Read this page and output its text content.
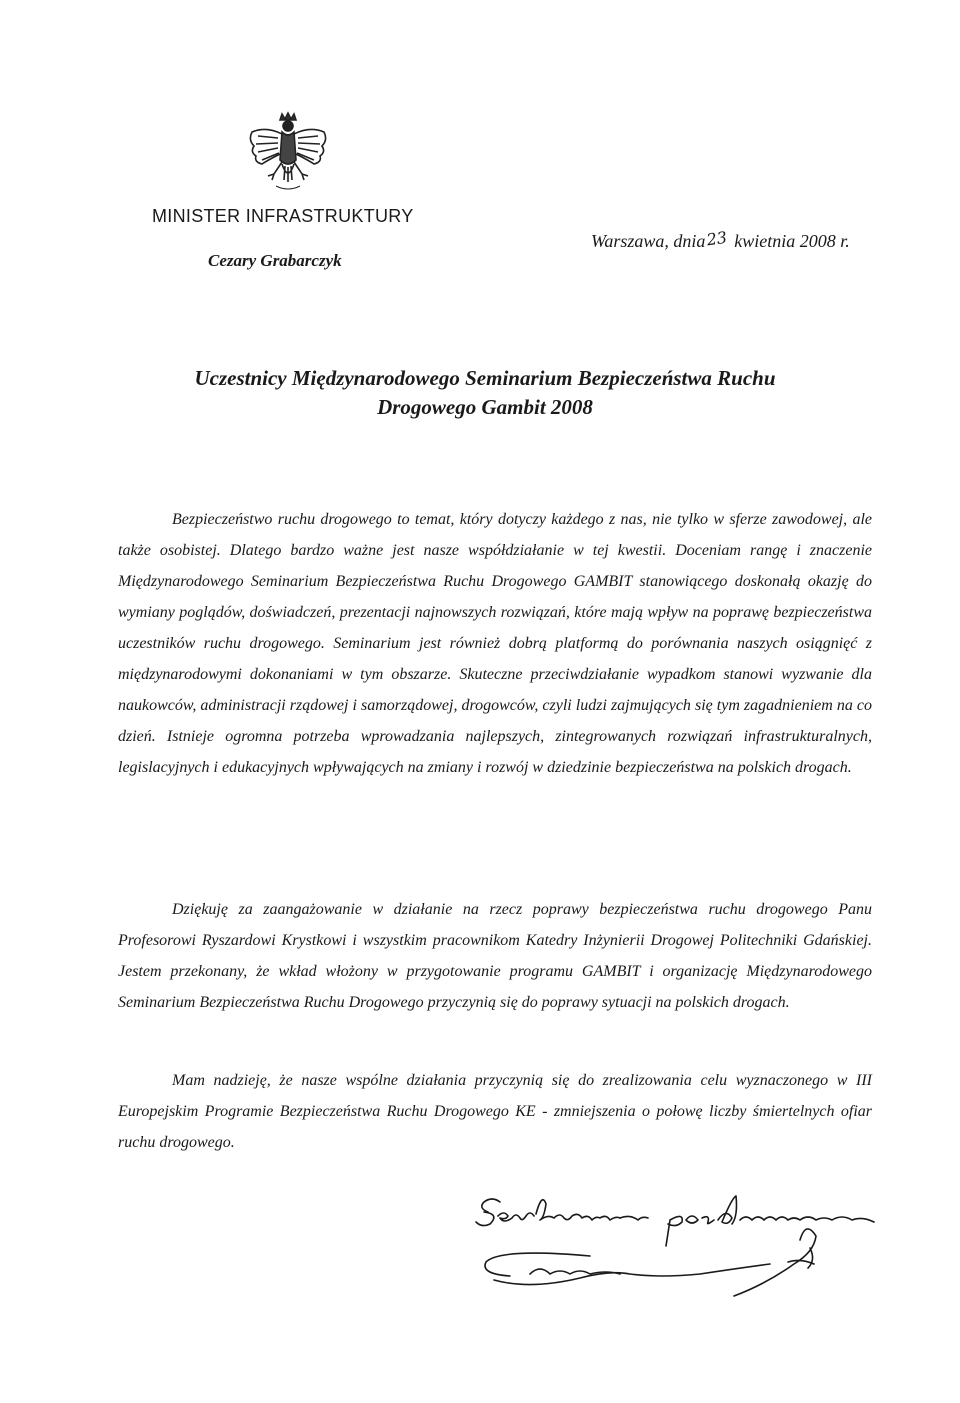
MINISTER INFRASTRUKTURY
Cezary Grabarczyk
Warszawa, dnia23 kwietnia 2008 r.
Uczestnicy Międzynarodowego Seminarium Bezpieczeństwa Ruchu
Drogowego Gambit 2008

Bezpieczeństwo ruchu drogowego to temat, który dotyczy każdego z nas, nie tylko w sferze zawodowej, ale także osobistej. Dlatego bardzo ważne jest nasze współdziałanie w tej kwestii. Doceniam rangę i znaczenie Międzynarodowego Seminarium Bezpieczeństwa Ruchu Drogowego GAMBIT stanowiącego doskonałą okazję do wymiany poglądów, doświadczeń, prezentacji najnowszych rozwiązań, które mają wpływ na poprawę bezpieczeństwa uczestników ruchu drogowego. Seminarium jest również dobrą platformą do porównania naszych osiągnięć z międzynarodowymi dokonaniami w tym obszarze. Skuteczne przeciwdziałanie wypadkom stanowi wyzwanie dla naukowców, administracji rządowej i samorządowej, drogowców, czyli ludzi zajmujących się tym zagadnieniem na co dzień. Istnieje ogromna potrzeba wprowadzania najlepszych, zintegrowanych rozwiązań infrastrukturalnych, legislacyjnych i edukacyjnych wpływających na zmiany i rozwój w dziedzinie bezpieczeństwa na polskich drogach.

Dziękuję za zaangażowanie w działanie na rzecz poprawy bezpieczeństwa ruchu drogowego Panu Profesorowi Ryszardowi Krystkowi i wszystkim pracownikom Katedry Inżynierii Drogowej Politechniki Gdańskiej. Jestem przekonany, że wkład włożony w przygotowanie programu GAMBIT i organizację Międzynarodowego Seminarium Bezpieczeństwa Ruchu Drogowego przyczynią się do poprawy sytuacji na polskich drogach.

Mam nadzieję, że nasze wspólne działania przyczynią się do zrealizowania celu wyznaczonego w III Europejskim Programie Bezpieczeństwa Ruchu Drogowego KE - zmniejszenia o połowę liczby śmiertelnych ofiar ruchu drogowego.
